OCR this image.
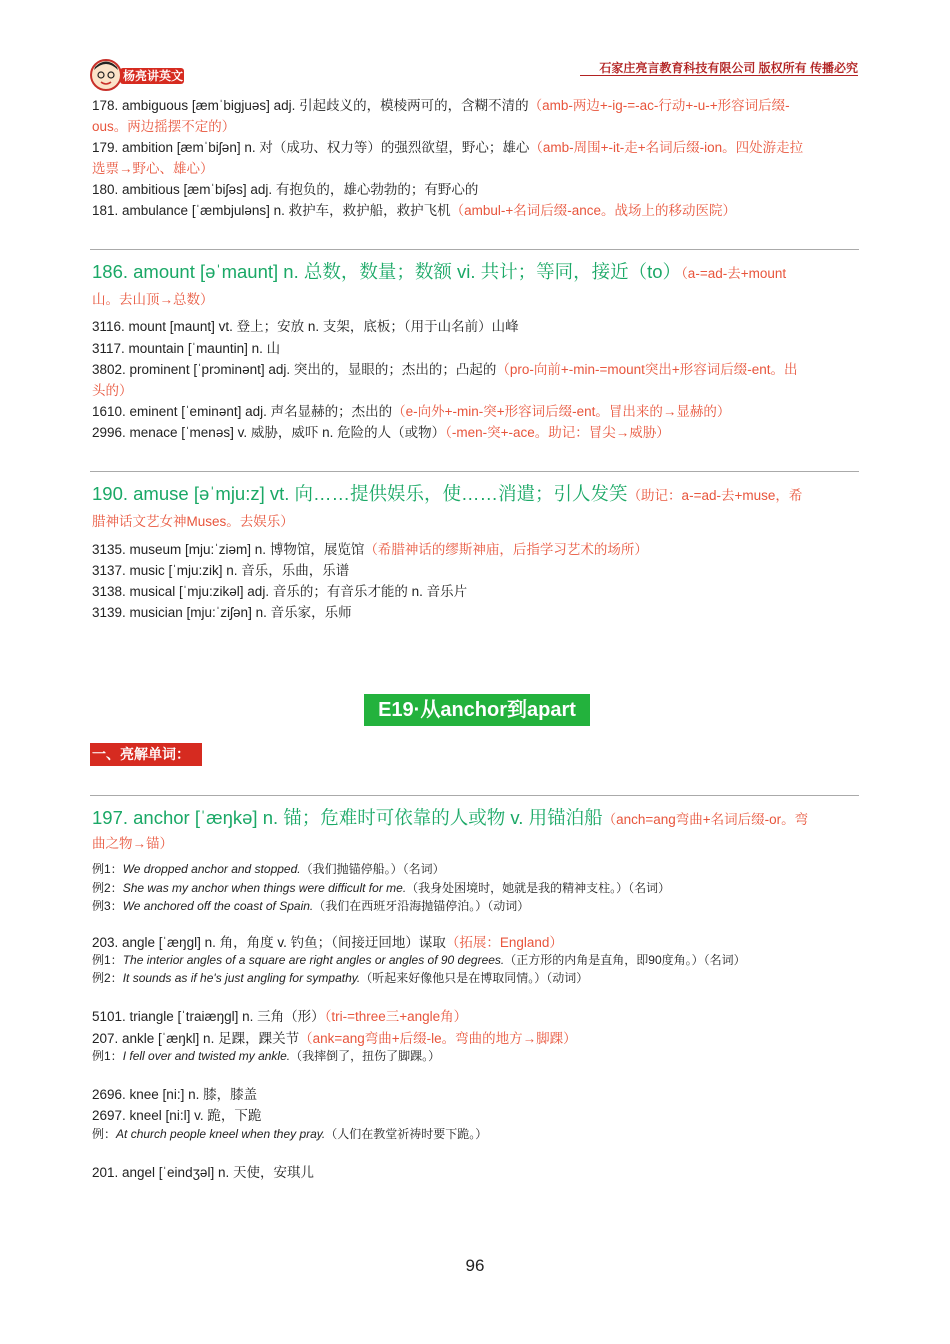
杨亮讲英文
石家庄亮言教育科技有限公司 版权所有 传播必究
178. ambiguous [æmˈbigjuəs] adj. 引起歧义的，模棱两可的，含糊不清的（amb-两边+-ig-=-ac-行动+-u-+形容词后缀-
ous。两边摇摆不定的）
179. ambition [æmˈbiʃən] n. 对（成功、权力等）的强烈欲望，野心；雄心（amb-周围+-it-走+名词后缀-ion。四处游走拉
选票→野心、雄心）
180. ambitious [æmˈbiʃəs] adj. 有抱负的，雄心勃勃的；有野心的
181. ambulance [ˈæmbjuləns] n. 救护车，救护船，救护飞机（ambul-+名词后缀-ance。战场上的移动医院）
186. amount [əˈmaunt] n. 总数，数量；数额 vi. 共计；等同，接近（to）（a-=ad-去+mount
山。去山顶→总数）
3116. mount [maunt] vt. 登上；安放 n. 支架，底板；（用于山名前）山峰
3117. mountain [ˈmauntin] n. 山
3802. prominent [ˈprɔminənt] adj. 突出的，显眼的；杰出的；凸起的（pro-向前+-min-=mount突出+形容词后缀-ent。出
头的）
1610. eminent [ˈeminənt] adj. 声名显赫的；杰出的（e-向外+-min-突+形容词后缀-ent。冒出来的→显赫的）
2996. menace [ˈmenəs] v. 威胁，威吓 n. 危险的人（或物）（-men-突+-ace。助记：冒尖→威胁）
190. amuse [əˈmju:z] vt. 向……提供娱乐，使……消遣；引人发笑（助记：a-=ad-去+muse，希
腊神话文艺女神Muses。去娱乐）
3135. museum [mju:ˈziəm] n. 博物馆，展览馆（希腊神话的缪斯神庙，后指学习艺术的场所）
3137. music [ˈmju:zik] n. 音乐，乐曲，乐谱
3138. musical [ˈmju:zikəl] adj. 音乐的；有音乐才能的 n. 音乐片
3139. musician [mju:ˈziʃən] n. 音乐家，乐师
E19·从anchor到apart
一、亮解单词：
197. anchor [ˈæŋkə] n. 锚；危难时可依靠的人或物 v. 用锚泊船（anch=ang弯曲+名词后缀-or。弯
曲之物→锚）
例1：We dropped anchor and stopped.（我们抛锚停船。）（名词）
例2：She was my anchor when things were difficult for me.（我身处困境时，她就是我的精神支柱。）（名词）
例3：We anchored off the coast of Spain.（我们在西班牙沿海抛锚停泊。）（动词）
203. angle [ˈæŋgl] n. 角，角度 v. 钓鱼；（间接迂回地）谋取（拓展：England）
例1：The interior angles of a square are right angles or angles of 90 degrees.（正方形的内角是直角，即90度角。）（名词）
例2：It sounds as if he's just angling for sympathy.（听起来好像他只是在博取同情。）（动词）
5101. triangle [ˈtraiæŋgl] n. 三角（形）（tri-=three三+angle角）
207. ankle [ˈæŋkl] n. 足踝，踝关节（ank=ang弯曲+后缀-le。弯曲的地方→脚踝）
例1：I fell over and twisted my ankle.（我摔倒了，扭伤了脚踝。）
2696. knee [ni:] n. 膝，膝盖
2697. kneel [ni:l] v. 跪，下跪
例：At church people kneel when they pray.（人们在教堂祈祷时要下跪。）
201. angel [ˈeindʒəl] n. 天使，安琪儿
96
